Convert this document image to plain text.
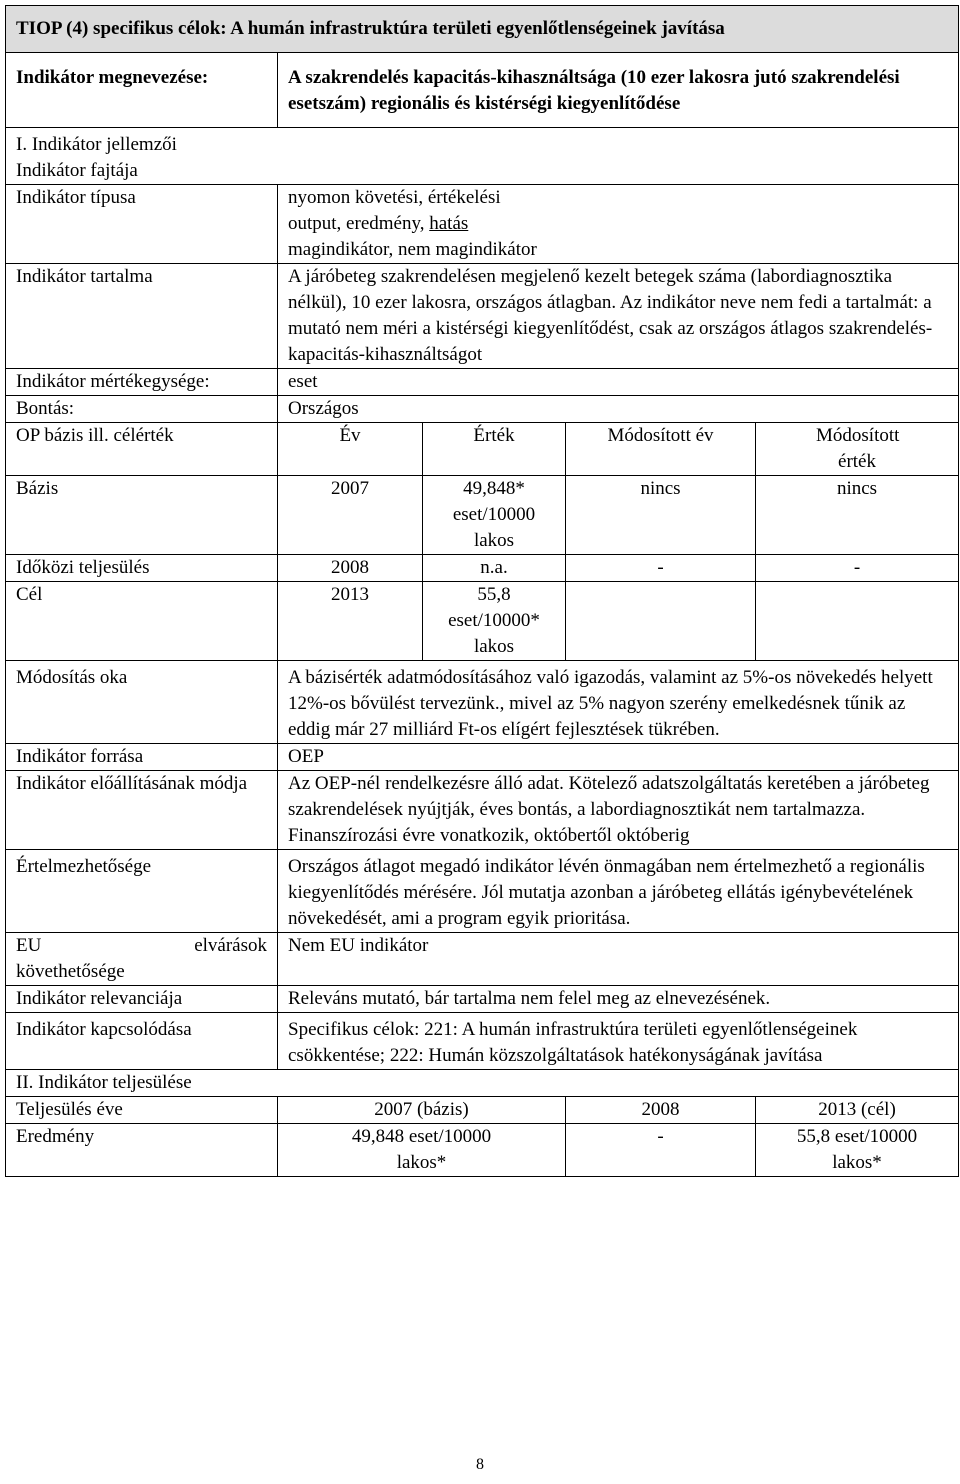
TIOP (4) specifikus célok: A humán infrastruktúra területi egyenlőtlenségeinek javítása				
Indikátor megnevezése:	A szakrendelés kapacitás-kihasználtsága (10 ezer lakosra jutó szakrendelési esetszám) regionális és kistérségi kiegyenlítődése			

I. Indikátor jellemzői
Indikátor fajtája				

Indikátor típusa	nyomon követési, értékelési
output, eredmény, hatás
magindikátor, nem magindikátor			

Indikátor tartalma	A járóbeteg szakrendelésen megjelenő kezelt betegek száma (labordiagnosztika nélkül), 10 ezer lakosra, országos átlagban. Az indikátor neve nem fedi a tartalmát: a mutató nem méri a kistérségi kiegyenlítődést, csak az országos átlagos szakrendelés-kapacitás-kihasználtságot			
Indikátor mértékegysége:	eset			
Bontás:	Országos			
OP bázis ill. célérték	Év	Érték	Módosított év	Módosított érték
Bázis	2007	49,848* eset/10000 lakos	nincs	nincs
Időközi teljesülés	2008	n.a.	-	-
Cél	2013	55,8 eset/10000* lakos		
Módosítás oka	A bázisérték adatmódosításához való igazodás, valamint az 5%-os növekedés helyett 12%-os bővülést tervezünk., mivel az 5% nagyon szerény emelkedésnek tűnik az eddig már 27 milliárd Ft-os elígért fejlesztések tükrében.			
Indikátor forrása	OEP			
Indikátor előállításának módja	Az OEP-nél rendelkezésre álló adat. Kötelező adatszolgáltatás keretében a járóbeteg szakrendelések nyújtják, éves bontás, a labordiagnosztikát nem tartalmazza. Finanszírozási évre vonatkozik, októbertől októberig			
Értelmezhetősége	Országos átlagot megadó indikátor lévén önmagában nem értelmezhető a regionális kiegyenlítődés mérésére. Jól mutatja azonban a járóbeteg ellátás igénybevételének növekedését, ami a program egyik prioritása.			

EU elvárások
követhetősége	Nem EU indikátor			
Indikátor relevanciája	Releváns mutató, bár tartalma nem felel meg az elnevezésének.			
Indikátor kapcsolódása	Specifikus célok: 221: A humán infrastruktúra területi egyenlőtlenségeinek csökkentése; 222: Humán közszolgáltatások hatékonyságának javítása			
II. Indikátor teljesülése				
Teljesülés éve	2007 (bázis)		2008	2013 (cél)
Eredmény	49,848 eset/10000 lakos*		-	55,8 eset/10000 lakos*
8
